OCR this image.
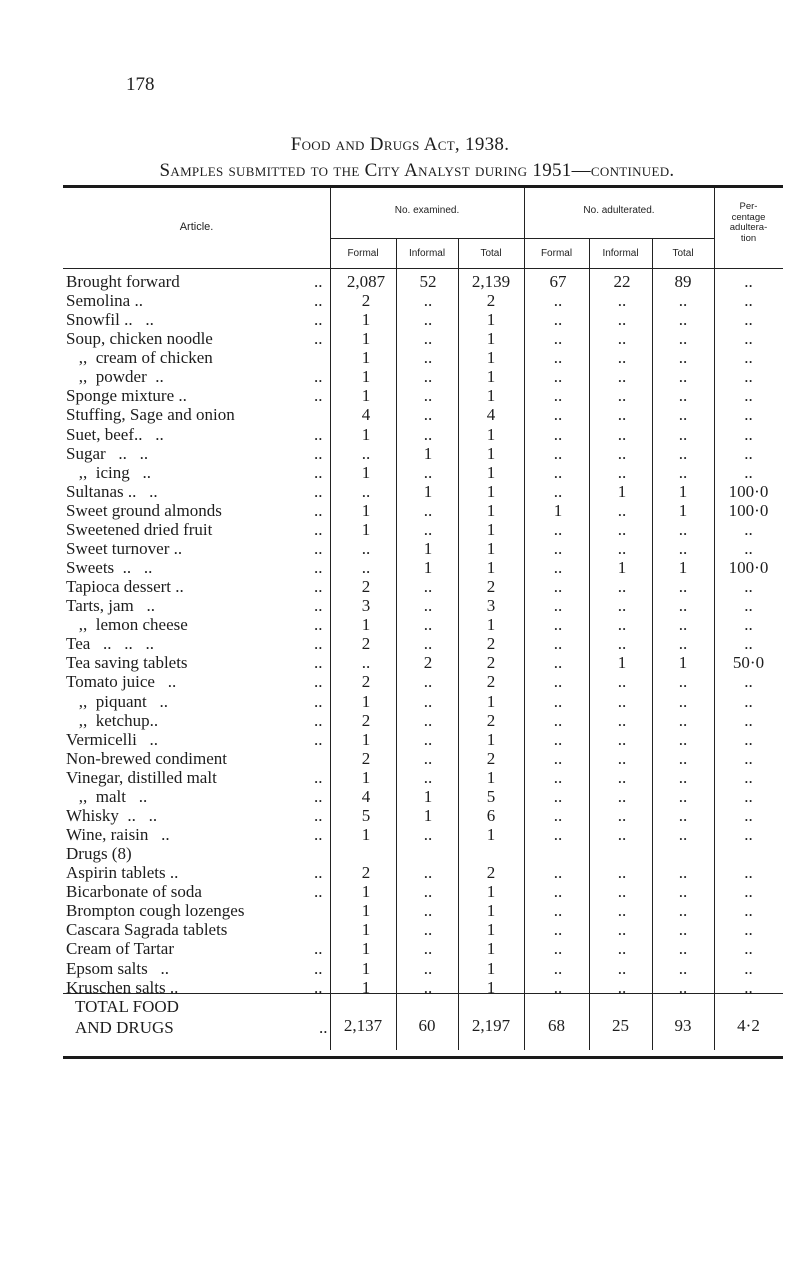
178
Food and Drugs Act, 1938.
Samples submitted to the City Analyst during 1951—continued.
Article.
No. examined.	No. adulterated.	Per-
centage
adultera-
tion
Formal	Informal	Total	Formal	Informal	Total
Brought forward	..	2,087	52	2,139	67	22	89	..
Semolina ..	..	2	..	2	..	..	..	..
Snowfil ..   ..	..	1	..	1	..	..	..	..
Soup, chicken noodle	..	1	..	1	..	..	..	..
,,  cream of chicken	1	..	1	..	..	..	..
,,  powder  ..	..	1	..	1	..	..	..	..
Sponge mixture ..	..	1	..	1	..	..	..	..
Stuffing, Sage and onion	4	..	4	..	..	..	..
Suet, beef..   ..	..	1	..	1	..	..	..	..
Sugar   ..   ..	..	..	1	1	..	..	..	..
,,  icing   ..	..	1	..	1	..	..	..	..
Sultanas ..   ..	..	..	1	1	..	1	1	100·0
Sweet ground almonds	..	1	..	1	1	..	1	100·0
Sweetened dried fruit	..	1	..	1	..	..	..	..
Sweet turnover ..	..	..	1	1	..	..	..	..
Sweets  ..   ..	..	..	1	1	..	1	1	100·0
Tapioca dessert ..	..	2	..	2	..	..	..	..
Tarts, jam   ..	..	3	..	3	..	..	..	..
,,  lemon cheese	..	1	..	1	..	..	..	..
Tea   ..   ..   ..	..	2	..	2	..	..	..	..
Tea saving tablets	..	..	2	2	..	1	1	50·0
Tomato juice   ..	..	2	..	2	..	..	..	..
,,  piquant   ..	..	1	..	1	..	..	..	..
,,  ketchup..	..	2	..	2	..	..	..	..
Vermicelli   ..	..	1	..	1	..	..	..	..
Non-brewed condiment	2	..	2	..	..	..	..
Vinegar, distilled malt	..	1	..	1	..	..	..	..
,,  malt   ..	..	4	1	5	..	..	..	..
Whisky  ..   ..	..	5	1	6	..	..	..	..
Wine, raisin   ..	..	1	..	1	..	..	..	..
Drugs (8)
Aspirin tablets ..	..	2	..	2	..	..	..	..
Bicarbonate of soda	..	1	..	1	..	..	..	..
Brompton cough lozenges	1	..	1	..	..	..	..
Cascara Sagrada tablets	1	..	1	..	..	..	..
Cream of Tartar	..	1	..	1	..	..	..	..
Epsom salts   ..	..	1	..	1	..	..	..	..
Kruschen salts ..	..	1	..	1	..	..	..	..
TOTAL FOOD
AND DRUGS	.. 2,137	60	2,197	68	25	93	4·2
